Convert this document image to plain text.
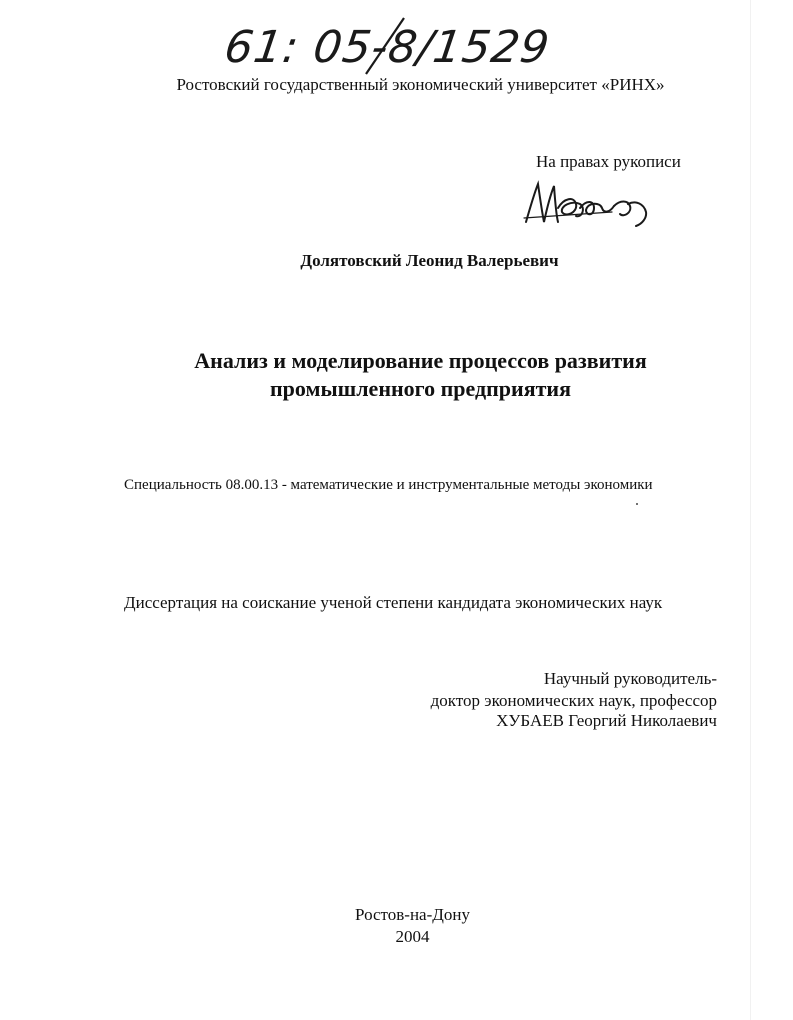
61: 05-8/1529
Ростовский государственный экономический университет «РИНХ»
На правах рукописи
Долятовский Леонид Валерьевич
Анализ и моделирование процессов развития
промышленного предприятия
Специальность 08.00.13 - математические и инструментальные методы экономики
Диссертация на соискание ученой степени кандидата экономических наук
Научный руководитель-
доктор экономических наук, профессор
ХУБАЕВ Георгий Николаевич
Ростов-на-Дону
2004
